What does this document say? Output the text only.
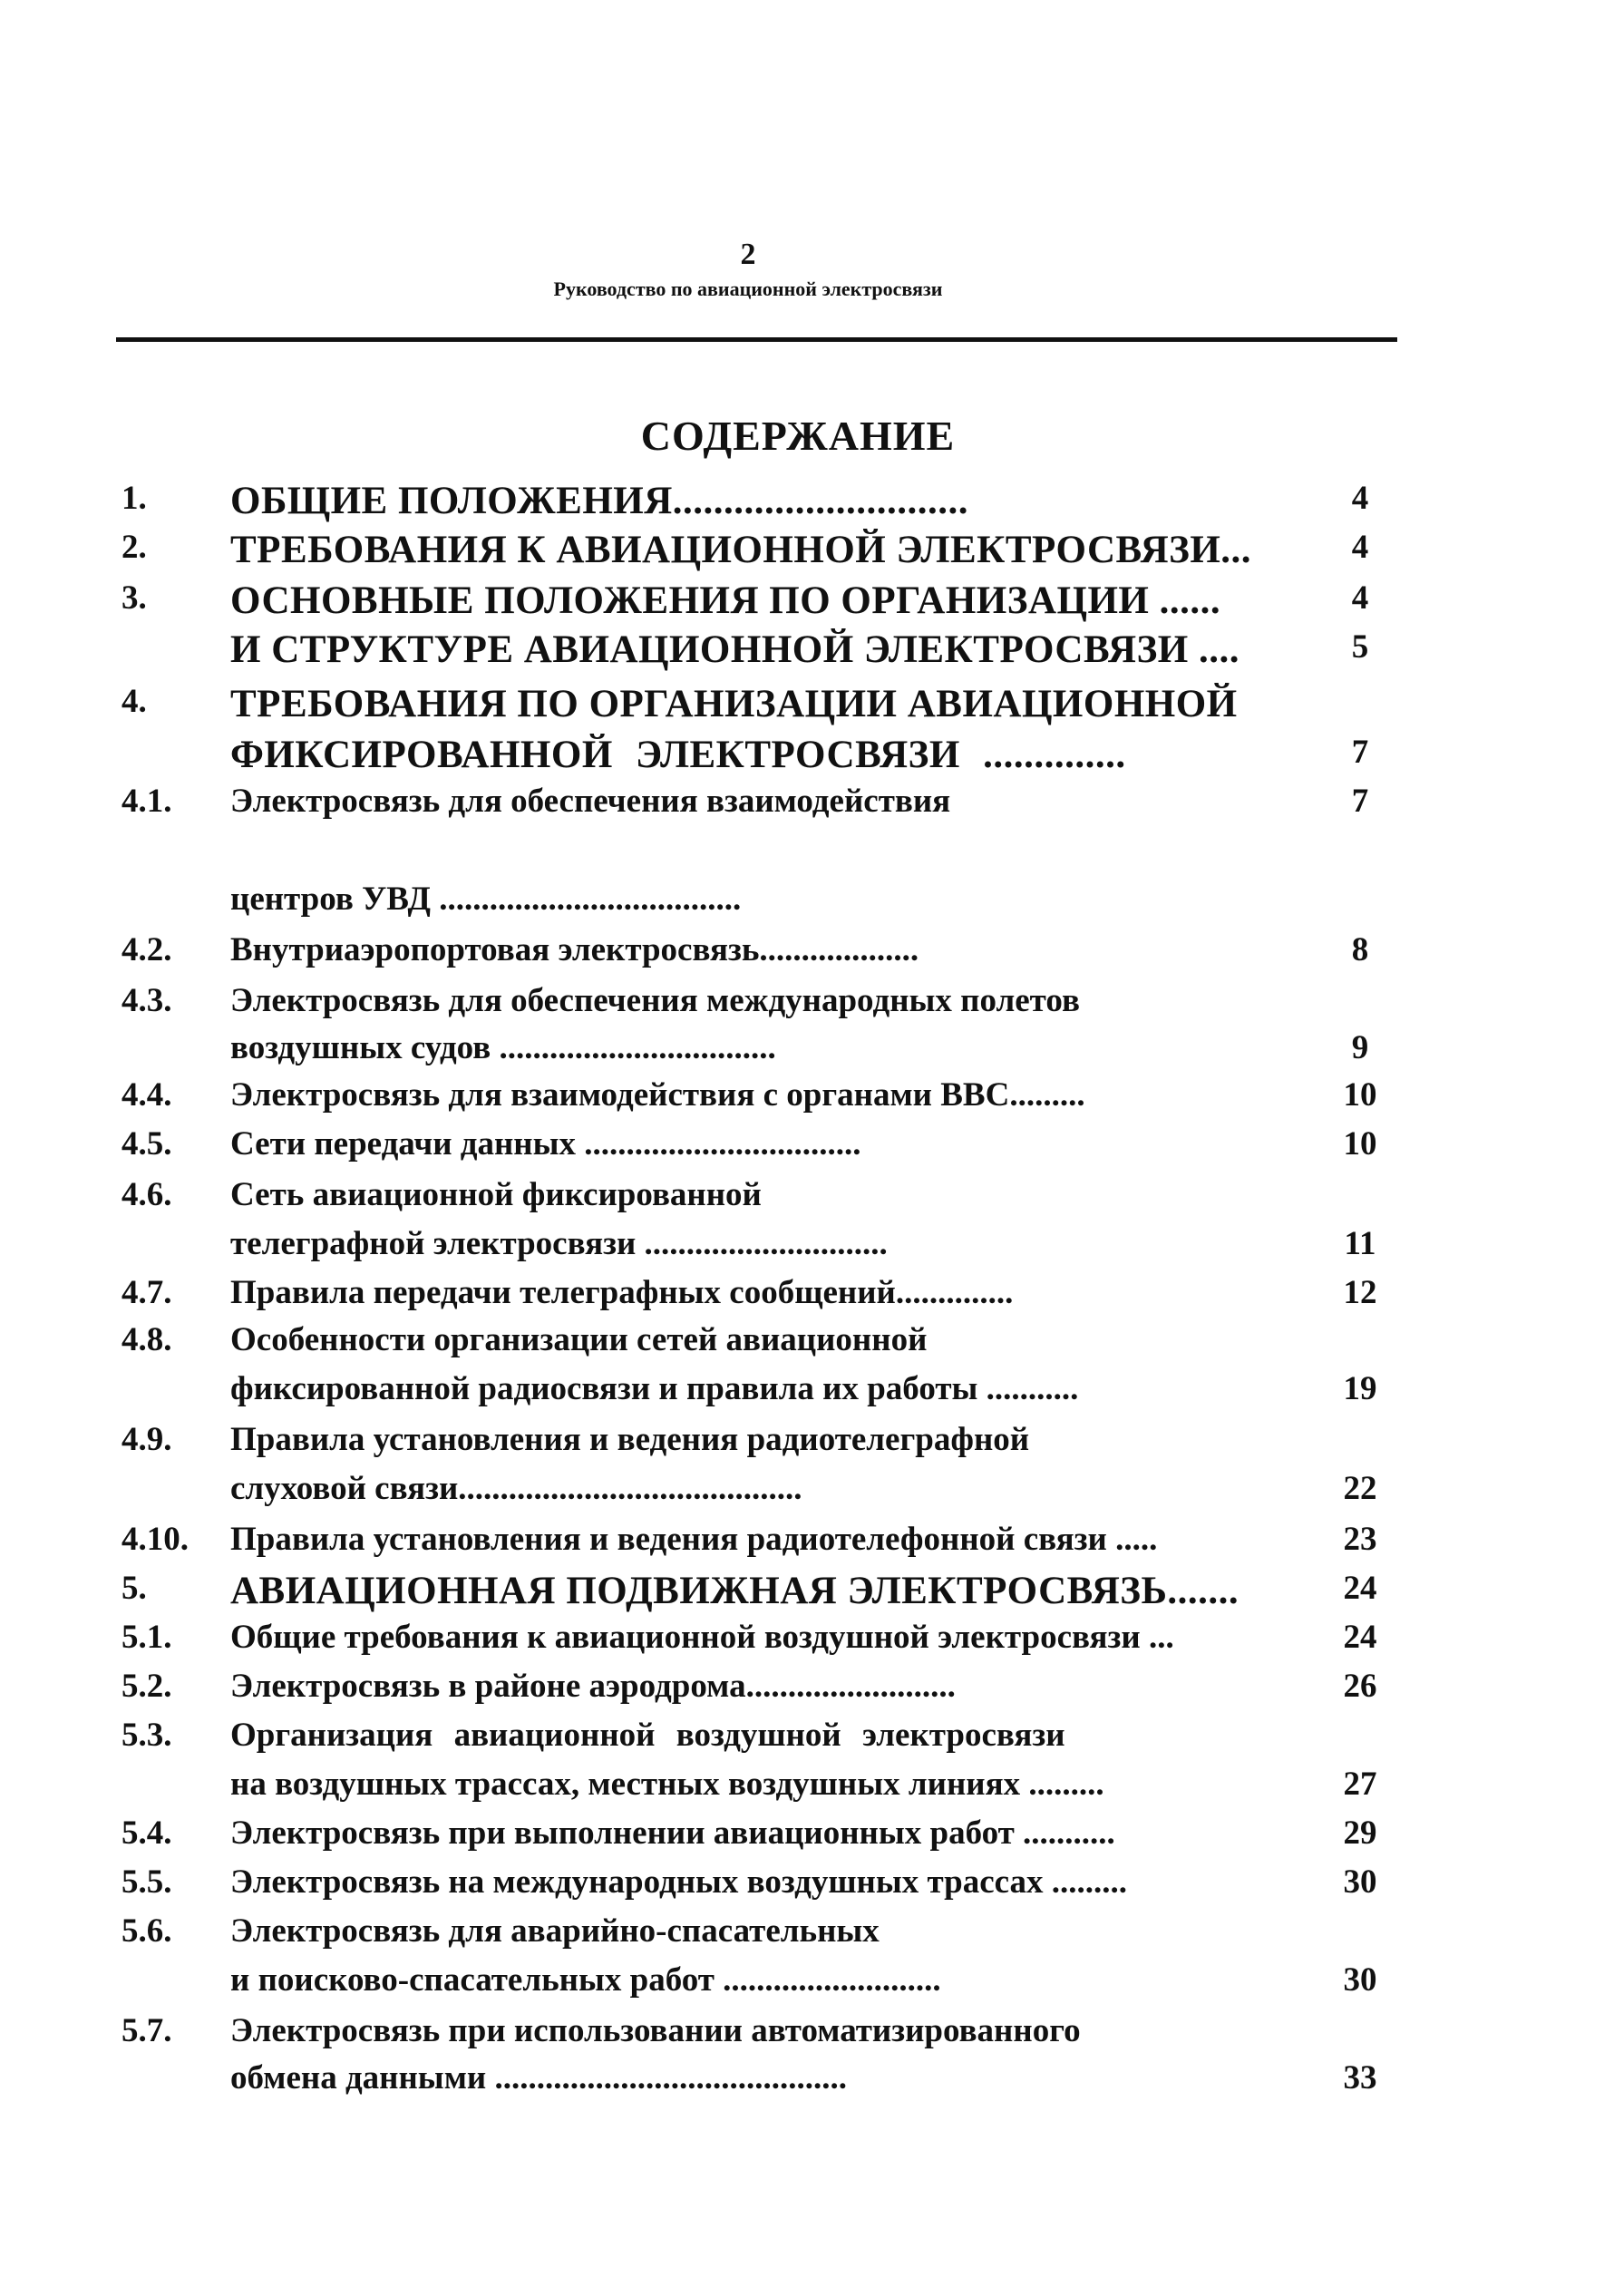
2
Руководство по авиационной электросвязи
СОДЕРЖАНИЕ
1. ОБЩИЕ ПОЛОЖЕНИЯ.............................	4
2. ТРЕБОВАНИЯ К АВИАЦИОННОЙ ЭЛЕКТРОСВЯЗИ...	4
3. ОСНОВНЫЕ ПОЛОЖЕНИЯ ПО ОРГАНИЗАЦИИ ......	4
И СТРУКТУРЕ АВИАЦИОННОЙ ЭЛЕКТРОСВЯЗИ ....	5
4. ТРЕБОВАНИЯ ПО ОРГАНИЗАЦИИ АВИАЦИОННОЙ
ФИКСИРОВАННОЙ ЭЛЕКТРОСВЯЗИ ..............	7
4.1. Электросвязь для обеспечения взаимодействия	7
центров УВД ....................................
4.2. Внутриаэропортовая электросвязь...................	8
4.3. Электросвязь для обеспечения международных полетов
воздушных судов .................................	9
4.4. Электросвязь для взаимодействия с органами ВВС.........	10
4.5. Сети передачи данных .................................	10
4.6. Сеть авиационной фиксированной
телеграфной электросвязи .............................	11
4.7. Правила передачи телеграфных сообщений..............	12
4.8. Особенности организации сетей авиационной
фиксированной радиосвязи и правила их работы ...........	19
4.9. Правила установления и ведения радиотелеграфной
слуховой связи.........................................	22
4.10. Правила установления и ведения радиотелефонной связи .....	23
5. АВИАЦИОННАЯ ПОДВИЖНАЯ ЭЛЕКТРОСВЯЗЬ.......	24
5.1. Общие требования к авиационной воздушной электросвязи ...	24
5.2. Электросвязь в районе аэродрома.........................	26
5.3. Организация авиационной воздушной электросвязи
на воздушных трассах, местных воздушных линиях .........	27
5.4. Электросвязь при выполнении авиационных работ ...........	29
5.5. Электросвязь на международных воздушных трассах .........	30
5.6. Электросвязь для аварийно-спасательных
и поисково-спасательных работ ..........................	30
5.7. Электросвязь при использовании автоматизированного
обмена данными ..........................................	33
